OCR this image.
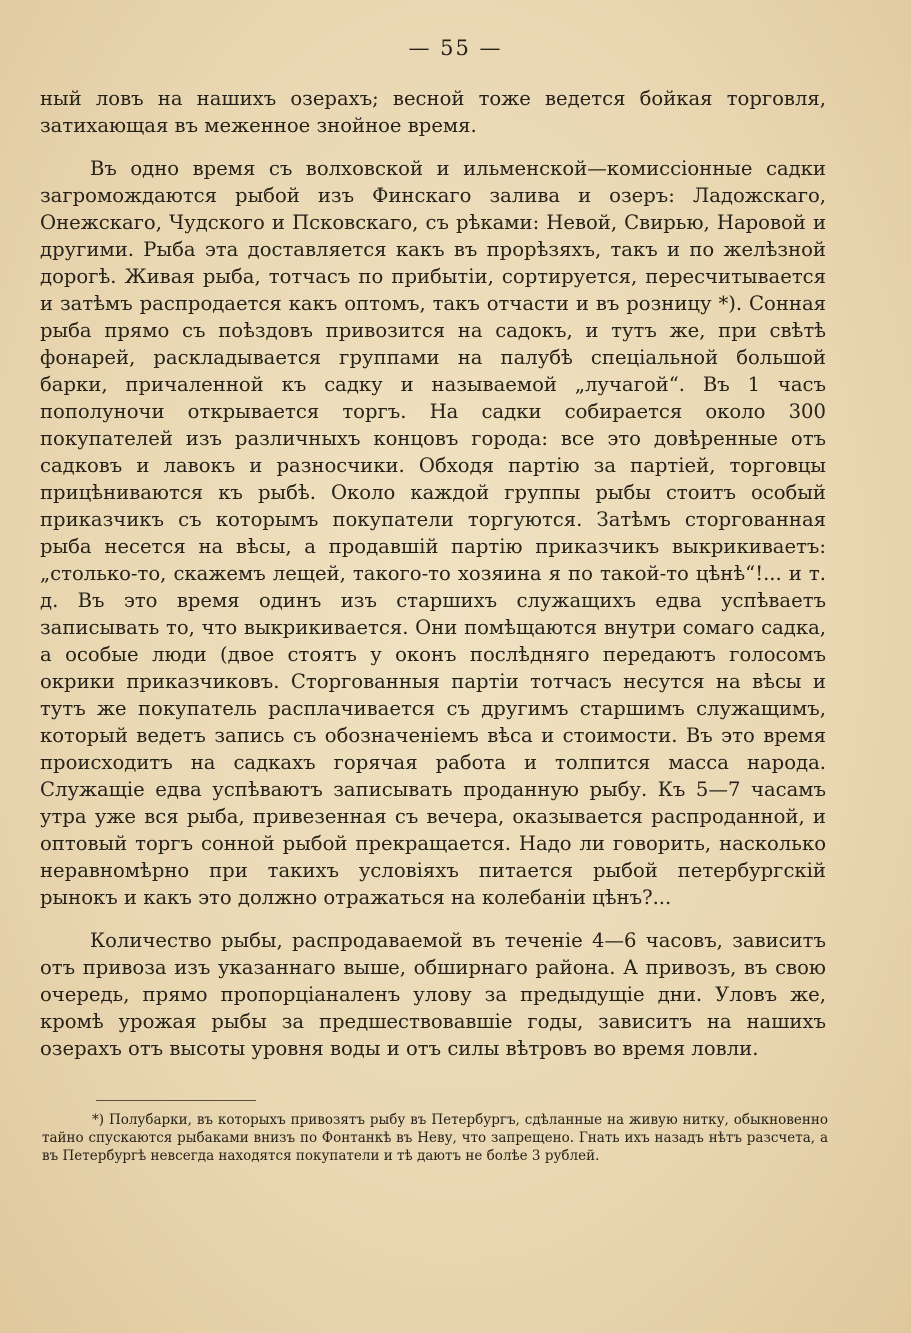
— 55 —

ный ловъ на нашихъ озерахъ; весной тоже ведется бойкая торговля, затихающая въ меженное знойное время.

Въ одно время съ волховской и ильменской—комиссіонные садки загромождаются рыбой изъ Финскаго залива и озеръ: Ладожскаго, Онежскаго, Чудского и Псковскаго, съ рѣками: Невой, Свирью, Наровой и другими. Рыба эта доставляется какъ въ прорѣзяхъ, такъ и по желѣзной дорогѣ. Живая рыба, тотчасъ по прибытіи, сортируется, пересчитывается и затѣмъ распродается какъ оптомъ, такъ отчасти и въ розницу *). Сонная рыба прямо съ поѣздовъ привозится на садокъ, и тутъ же, при свѣтѣ фонарей, раскладывается группами на палубѣ спеціальной большой барки, причаленной къ садку и называемой „лучагой“. Въ 1 часъ пополуночи открывается торгъ. На садки собирается около 300 покупателей изъ различныхъ концовъ города: все это довѣренные отъ садковъ и лавокъ и разносчики. Обходя партію за партіей, торговцы прицѣниваются къ рыбѣ. Около каждой группы рыбы стоитъ особый приказчикъ съ которымъ покупатели торгуются. Затѣмъ сторгованная рыба несется на вѣсы, а продавшій партію приказчикъ выкрикиваетъ: „столько-то, скажемъ лещей, такого-то хозяина я по такой-то цѣнѣ“!... и т. д. Въ это время одинъ изъ старшихъ служащихъ едва успѣваетъ записывать то, что выкрикивается. Они помѣщаются внутри сомаго садка, а особые люди (двое стоятъ у оконъ послѣдняго передаютъ голосомъ окрики приказчиковъ. Сторгованныя партіи тотчасъ несутся на вѣсы и тутъ же покупатель расплачивается съ другимъ старшимъ служащимъ, который ведетъ запись съ обозначеніемъ вѣса и стоимости. Въ это время происходитъ на садкахъ горячая работа и толпится масса народа. Служащіе едва успѣваютъ записывать проданную рыбу. Къ 5—7 часамъ утра уже вся рыба, привезенная съ вечера, оказывается распроданной, и оптовый торгъ сонной рыбой прекращается. Надо ли говорить, насколько неравномѣрно при такихъ условіяхъ питается рыбой петербургскій рынокъ и какъ это должно отражаться на колебаніи цѣнъ?...

Количество рыбы, распродаваемой въ теченіе 4—6 часовъ, зависитъ отъ привоза изъ указаннаго выше, обширнаго района. А привозъ, въ свою очередь, прямо пропорціаналенъ улову за предыдущіе дни. Уловъ же, кромѣ урожая рыбы за предшествовавшіе годы, зависитъ на нашихъ озерахъ отъ высоты уровня воды и отъ силы вѣтровъ во время ловли.

*) Полубарки, въ которыхъ привозятъ рыбу въ Петербургъ, сдѣланные на живую нитку, обыкновенно тайно спускаются рыбаками внизъ по Фонтанкѣ въ Неву, что запрещено. Гнать ихъ назадъ нѣтъ разсчета, а въ Петербургѣ невсегда находятся покупатели и тѣ даютъ не болѣе 3 рублей.
